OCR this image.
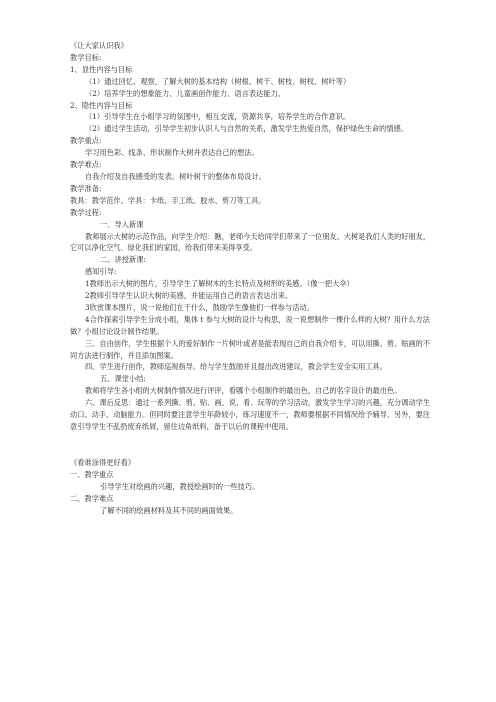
《让大家认识我》
教学目标:
1、显性内容与目标
（1）通过回忆、观察，了解大树的基本结构（树根、树干、树枝、树杈、树叶等）
（2）培养学生的想象能力、儿童画创作能力、语言表达能力。
2、隐性内容与目标
（1）引导学生在小组学习的氛围中，相互交流，资源共享，培养学生的合作意识。
（2）通过学生活动，引导学生初步认识人与自然的关系，激发学生热爱自然，保护绿色生命的情感。
教学重点:
学习用色彩、线条、形状制作大树并表达自己的想法。
教学难点:
自我介绍及自我感受的发表。树叶树干的整体布局设计。
教学准备:
教具：教学范作。学具：卡纸、手工纸、胶水、剪刀等工具。
教学过程:
一、导入新课
教师展示大树的示范作品，向学生介绍：瞧，老师今天给同学们带来了一位朋友。大树是我们人类的好朋友，它可以净化空气、绿化我们的家园，给我们带来美得享受。
二、讲授新课:
感知引导:
1教师出示大树的图片，引导学生了解树木的生长特点及树形的美感。（像一把大伞）
2教师引导学生认识大树的美感，并能运用自己的语言表达出来。
3欣赏课本图片，说一说他们在干什么，鼓励学生像他们一样参与活动。
4合作探索引导学生分成小组，集体 t 参与大树的设计与构思，说一说想制作一棵什么样的大树？用什么方法做？小组讨论设计制作结果。
三、自由创作，学生根据个人的爱好制作一片树叶或者是能表现自己的自我介绍卡，可以用撕、剪、贴画的不同方法进行制作，并且添加图案。
四、学生进行创作，教师巡视指导。给与学生鼓励并且提出改进建议，教会学生安全实用工具。
五、课堂小结:
教师将学生各小组的大树制作情况进行评评，看哪个小组制作的最出色，自己的名字设计的最出色。
六、课后反思：通过一系列撕、剪、贴、画、说、看、玩等的学习活动，激发学生学习的兴趣，充分调动学生动口、动手、动脑能力。但同时要注意学生年龄较小，练习速度不一，教师要根据不同情况给予辅导、另外，要注意引导学生不乱扔废弃纸屑，留住边角纸料，备于以后的课程中使用。
《看谁涂得更好看》
一、教学重点
引导学生对绘画的兴趣，教授绘画时的一些技巧。
二、教学难点
了解不同的绘画材料及其不同的画面效果。
